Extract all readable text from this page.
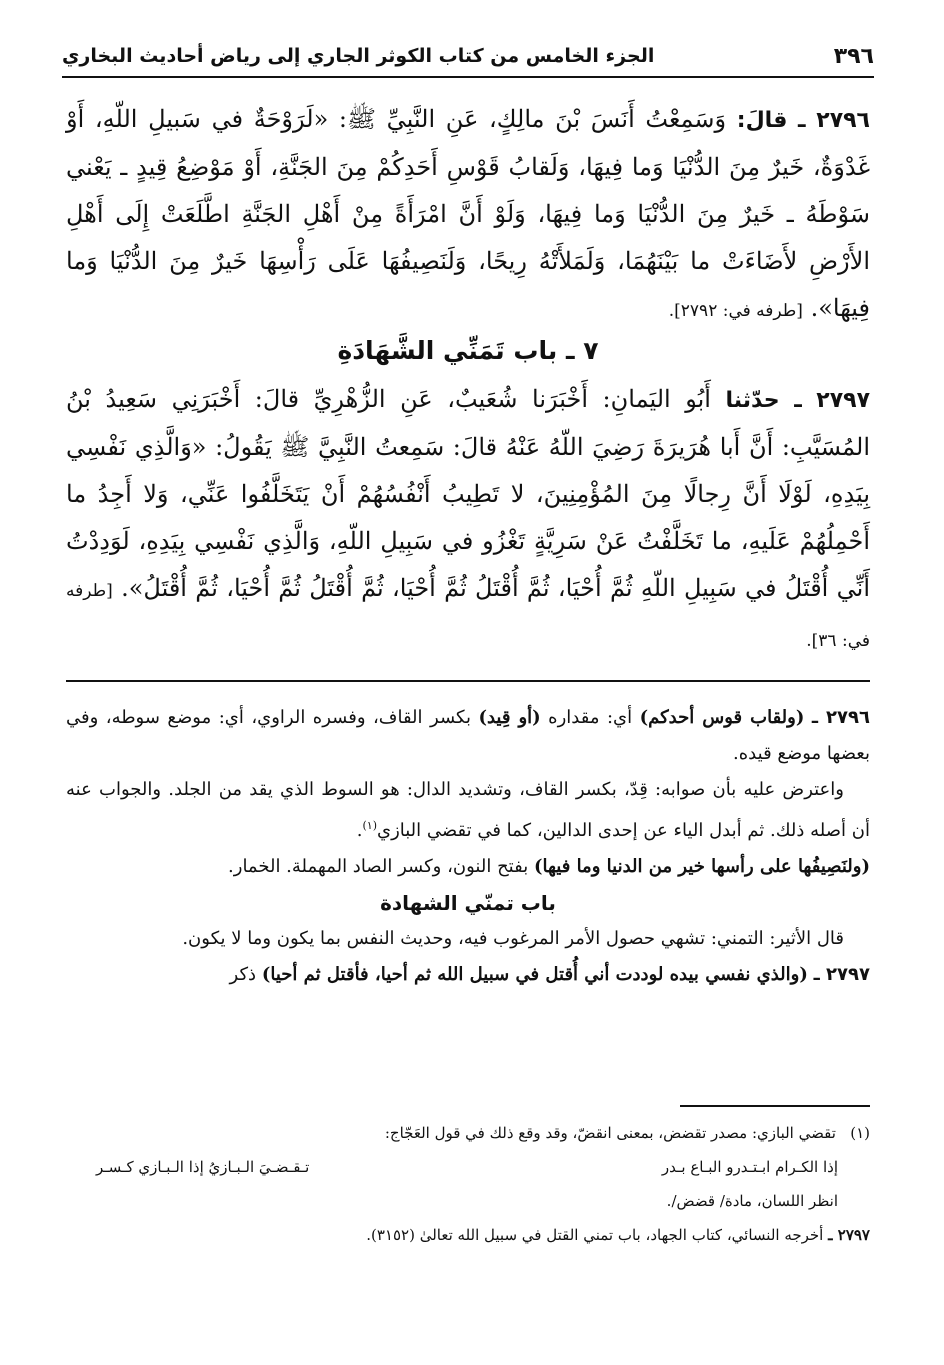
٣٩٦
الجزء الخامس من كتاب الكوثر الجاري إلى رياض أحاديث البخاري
٢٧٩٦ ـ قالَ: وَسَمِعْتُ أَنَسَ بْنَ مالِكٍ، عَنِ النَّبِيِّ ﷺ: «لَرَوْحَةٌ في سَبيلِ اللّهِ، أَوْ غَدْوَةٌ، خَيرٌ مِنَ الدُّنْيَا وَما فِيهَا، وَلَقابُ قَوْسِ أَحَدِكُمْ مِنَ الجَنَّةِ، أَوْ مَوْضِعُ قِيدٍ ـ يَعْني سَوْطَهُ ـ خَيرٌ مِنَ الدُّنْيَا وَما فِيهَا، وَلَوْ أَنَّ امْرَأَةً مِنْ أَهْلِ الجَنَّةِ اطَّلَعَتْ إِلَى أَهْلِ الأَرْضِ لأَضَاءَتْ ما بَيْنَهُمَا، وَلَمَلأَتْهُ رِيحًا، وَلَنَصِيفُهَا عَلَى رَأْسِهَا خَيرٌ مِنَ الدُّنْيَا وَما فِيهَا». [طرفه في: ٢٧٩٢].
٧ ـ باب تَمَنِّي الشَّهَادَةِ
٢٧٩٧ ـ حدّثنا أَبُو اليَمانِ: أَخْبَرَنا شُعَيبٌ، عَنِ الزُّهْرِيِّ قالَ: أَخْبَرَنِي سَعِيدُ بْنُ المُسَيَّبِ: أَنَّ أَبا هُرَيرَةَ رَضِيَ اللّهُ عَنْهُ قالَ: سَمِعتُ النَّبِيَّ ﷺ يَقُولُ: «وَالَّذِي نَفْسِي بِيَدِهِ، لَوْلَا أَنَّ رِجالًا مِنَ المُؤْمِنِينَ، لا تَطِيبُ أَنْفُسُهُمْ أَنْ يَتَخَلَّفُوا عَنِّي، وَلا أَجِدُ ما أَحْمِلُهُمْ عَلَيهِ، ما تَخَلَّفْتُ عَنْ سَرِيَّةٍ تَغْزُو في سَبِيلِ اللّهِ، وَالَّذِي نَفْسِي بِيَدِهِ، لَوَدِدْتُ أَنِّي أُقْتَلُ في سَبِيلِ اللّهِ ثُمَّ أُحْيَا، ثُمَّ أُقْتَلُ ثُمَّ أُحْيَا، ثُمَّ أُقْتَلُ ثُمَّ أُحْيَا، ثُمَّ أُقْتَلُ». [طرفه في: ٣٦].

٢٧٩٦ ـ (ولقاب قوس أحدكم) أي: مقداره (أو قِيد) بكسر القاف، وفسره الراوي، أي: موضع سوطه، وفي بعضها موضع قيده.

واعترض عليه بأن صوابه: قِدّ، بكسر القاف، وتشديد الدال: هو السوط الذي يقد من الجلد. والجواب عنه أن أصله ذلك. ثم أبدل الياء عن إحدى الدالين، كما في تقضي البازي$^{(١)}$.

(ولنَصِيفُها على رأسها خير من الدنيا وما فيها) بفتح النون، وكسر الصاد المهملة. الخمار.

باب تمنّي الشهادة

قال الأثير: التمني: تشهي حصول الأمر المرغوب فيه، وحديث النفس بما يكون وما لا يكون.

٢٧٩٧ ـ (والذي نفسي بيده لوددت أني أُقتل في سبيل الله ثم أحيا، فأقتل ثم أحيا) ذكر

(١)   تقضي البازي: مصدر تقضض، بمعنى انقضّ، وقد وقع ذلك في قول العَجّاج:

إذا الكـرام ابـتـدرو البـاع بـدر
تـقـضـيَ الـبـازيُ إذا الـبـازي كـسـر

انظر اللسان، مادة/ قضض/.

٢٧٩٧ ـ أخرجه النسائي، كتاب الجهاد، باب تمني القتل في سبيل الله تعالىٰ (٣١٥٢).
